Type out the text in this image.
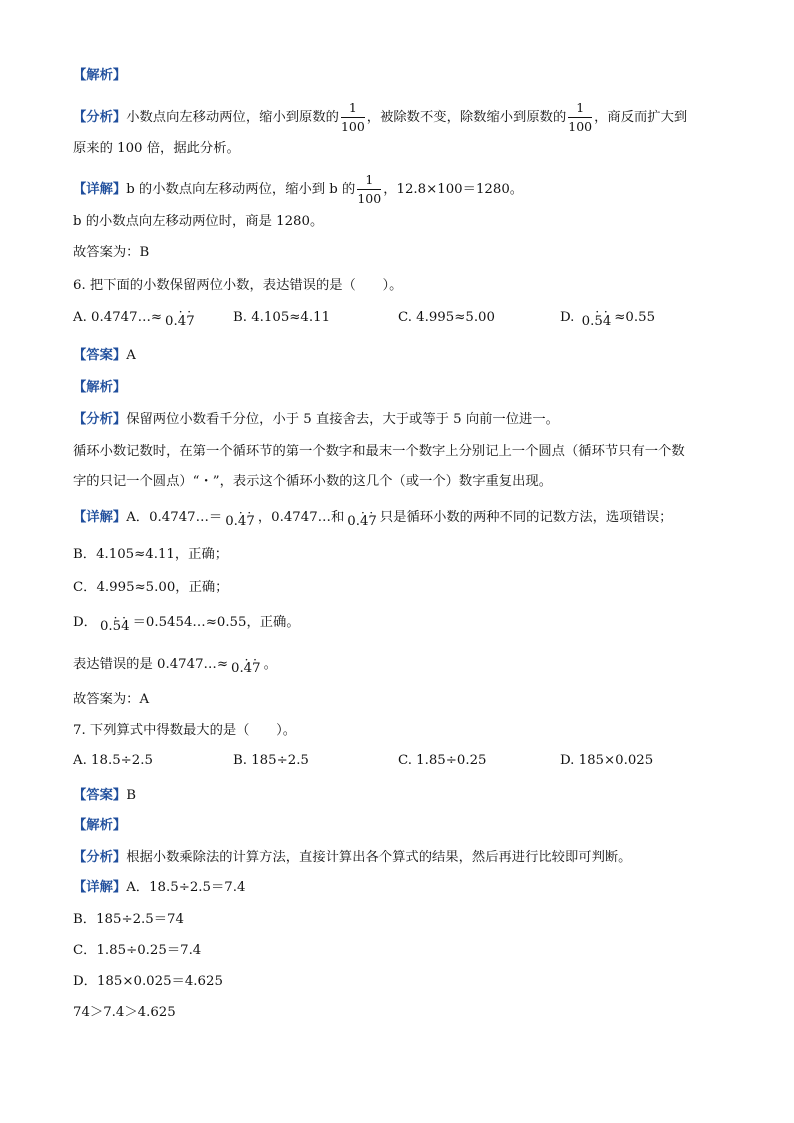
【解析】
【分析】小数点向左移动两位，缩小到原数的 $\frac{1}{100}$ ，被除数不变，除数缩小到原数的 $\frac{1}{100}$ ，商反而扩大到
原来的 100 倍，据此分析。
【详解】b 的小数点向左移动两位，缩小到 b 的 $\frac{1}{100}$ ，12.8×100＝1280。
b 的小数点向左移动两位时，商是 1280。
故答案为：B
6. 把下面的小数保留两位小数，表达错误的是（　　）。
A. 0.4747…≈ 0.· 4· 7	B. 4.105≈4.11	C. 4.995≈5.00	D. 0.· 5· 4 ≈0.55
【答案】A
【解析】
【分析】保留两位小数看千分位，小于 5 直接舍去，大于或等于 5 向前一位进一。
循环小数记数时，在第一个循环节的第一个数字和最末一个数字上分别记上一个圆点（循环节只有一个数
字的只记一个圆点）“・”，表示这个循环小数的这几个（或一个）数字重复出现。
【详解】A．0.4747…＝ 0.· 4· 7 ，0.4747…和 0.· 4· 7 只是循环小数的两种不同的记数方法，选项错误；
B．4.105≈4.11，正确；
C．4.995≈5.00，正确；
D． 0.· 5· 4 ＝0.5454…≈0.55，正确。
表达错误的是 0.4747…≈ 0.· 4· 7 。
故答案为：A
7. 下列算式中得数最大的是（　　）。
A. 18.5÷2.5	B. 185÷2.5	C. 1.85÷0.25	D. 185×0.025
【答案】B
【解析】
【分析】根据小数乘除法的计算方法，直接计算出各个算式的结果，然后再进行比较即可判断。
【详解】A．18.5÷2.5＝7.4
B．185÷2.5＝74
C．1.85÷0.25＝7.4
D．185×0.025＝4.625
74＞7.4＞4.625
